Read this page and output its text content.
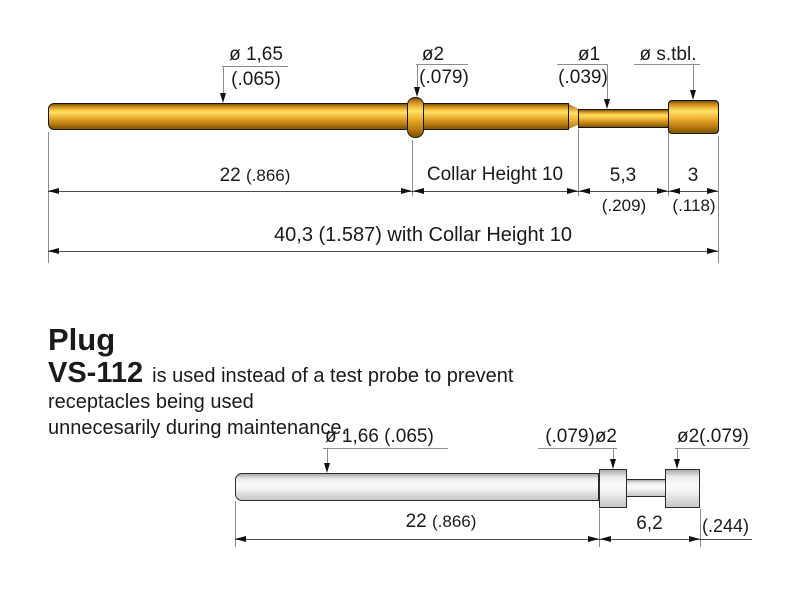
ø 1,65
(.065)
ø2
(.079)
ø1
(.039)
ø s.tbl.
22 (.866)	Collar Height 10	5,3	3
(.209)	(.118)
40,3 (1.587) with Collar Height 10
Plug
VS-112 is used instead of a test probe to prevent receptacles being used
unnecesarily during maintenance.
ø 1,66 (.065)	(.079)ø2	ø2(.079)
22 (.866)	6,2	(.244)
